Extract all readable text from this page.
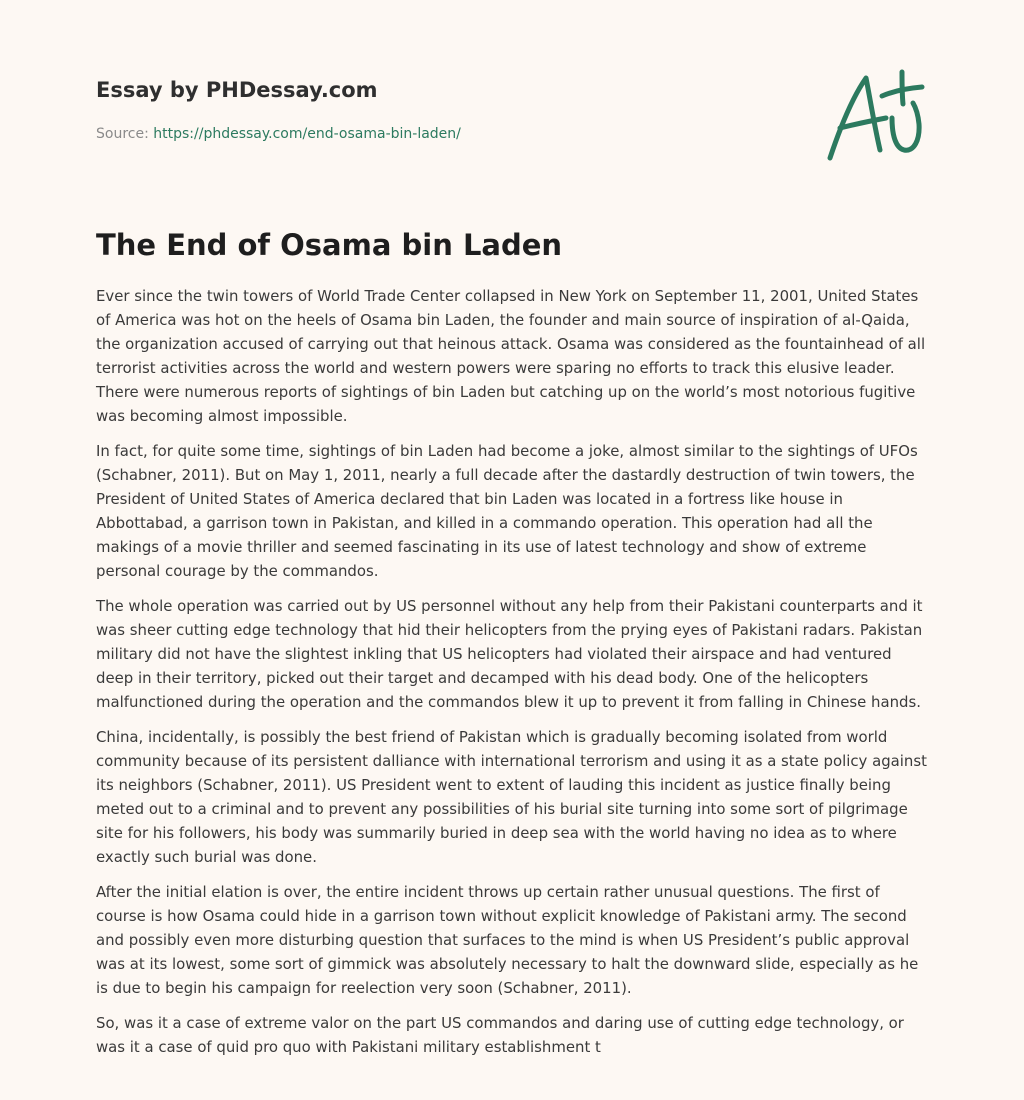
Essay by PHDessay.com
Source: https://phdessay.com/end-osama-bin-laden/
The End of Osama bin Laden

Ever since the twin towers of World Trade Center collapsed in New York on September 11, 2001, United States of America was hot on the heels of Osama bin Laden, the founder and main source of inspiration of al-Qaida, the organization accused of carrying out that heinous attack. Osama was considered as the fountainhead of all terrorist activities across the world and western powers were sparing no efforts to track this elusive leader. There were numerous reports of sightings of bin Laden but catching up on the world’s most notorious fugitive was becoming almost impossible.

In fact, for quite some time, sightings of bin Laden had become a joke, almost similar to the sightings of UFOs (Schabner, 2011). But on May 1, 2011, nearly a full decade after the dastardly destruction of twin towers, the President of United States of America declared that bin Laden was located in a fortress like house in Abbottabad, a garrison town in Pakistan, and killed in a commando operation. This operation had all the makings of a movie thriller and seemed fascinating in its use of latest technology and show of extreme personal courage by the commandos.

The whole operation was carried out by US personnel without any help from their Pakistani counterparts and it was sheer cutting edge technology that hid their helicopters from the prying eyes of Pakistani radars. Pakistan military did not have the slightest inkling that US helicopters had violated their airspace and had ventured deep in their territory, picked out their target and decamped with his dead body. One of the helicopters malfunctioned during the operation and the commandos blew it up to prevent it from falling in Chinese hands.

China, incidentally, is possibly the best friend of Pakistan which is gradually becoming isolated from world community because of its persistent dalliance with international terrorism and using it as a state policy against its neighbors (Schabner, 2011). US President went to extent of lauding this incident as justice finally being meted out to a criminal and to prevent any possibilities of his burial site turning into some sort of pilgrimage site for his followers, his body was summarily buried in deep sea with the world having no idea as to where exactly such burial was done.

After the initial elation is over, the entire incident throws up certain rather unusual questions. The first of course is how Osama could hide in a garrison town without explicit knowledge of Pakistani army. The second and possibly even more disturbing question that surfaces to the mind is when US President’s public approval was at its lowest, some sort of gimmick was absolutely necessary to halt the downward slide, especially as he is due to begin his campaign for reelection very soon (Schabner, 2011).

So, was it a case of extreme valor on the part US commandos and daring use of cutting edge technology, or was it a case of quid pro quo with Pakistani military establishment t
